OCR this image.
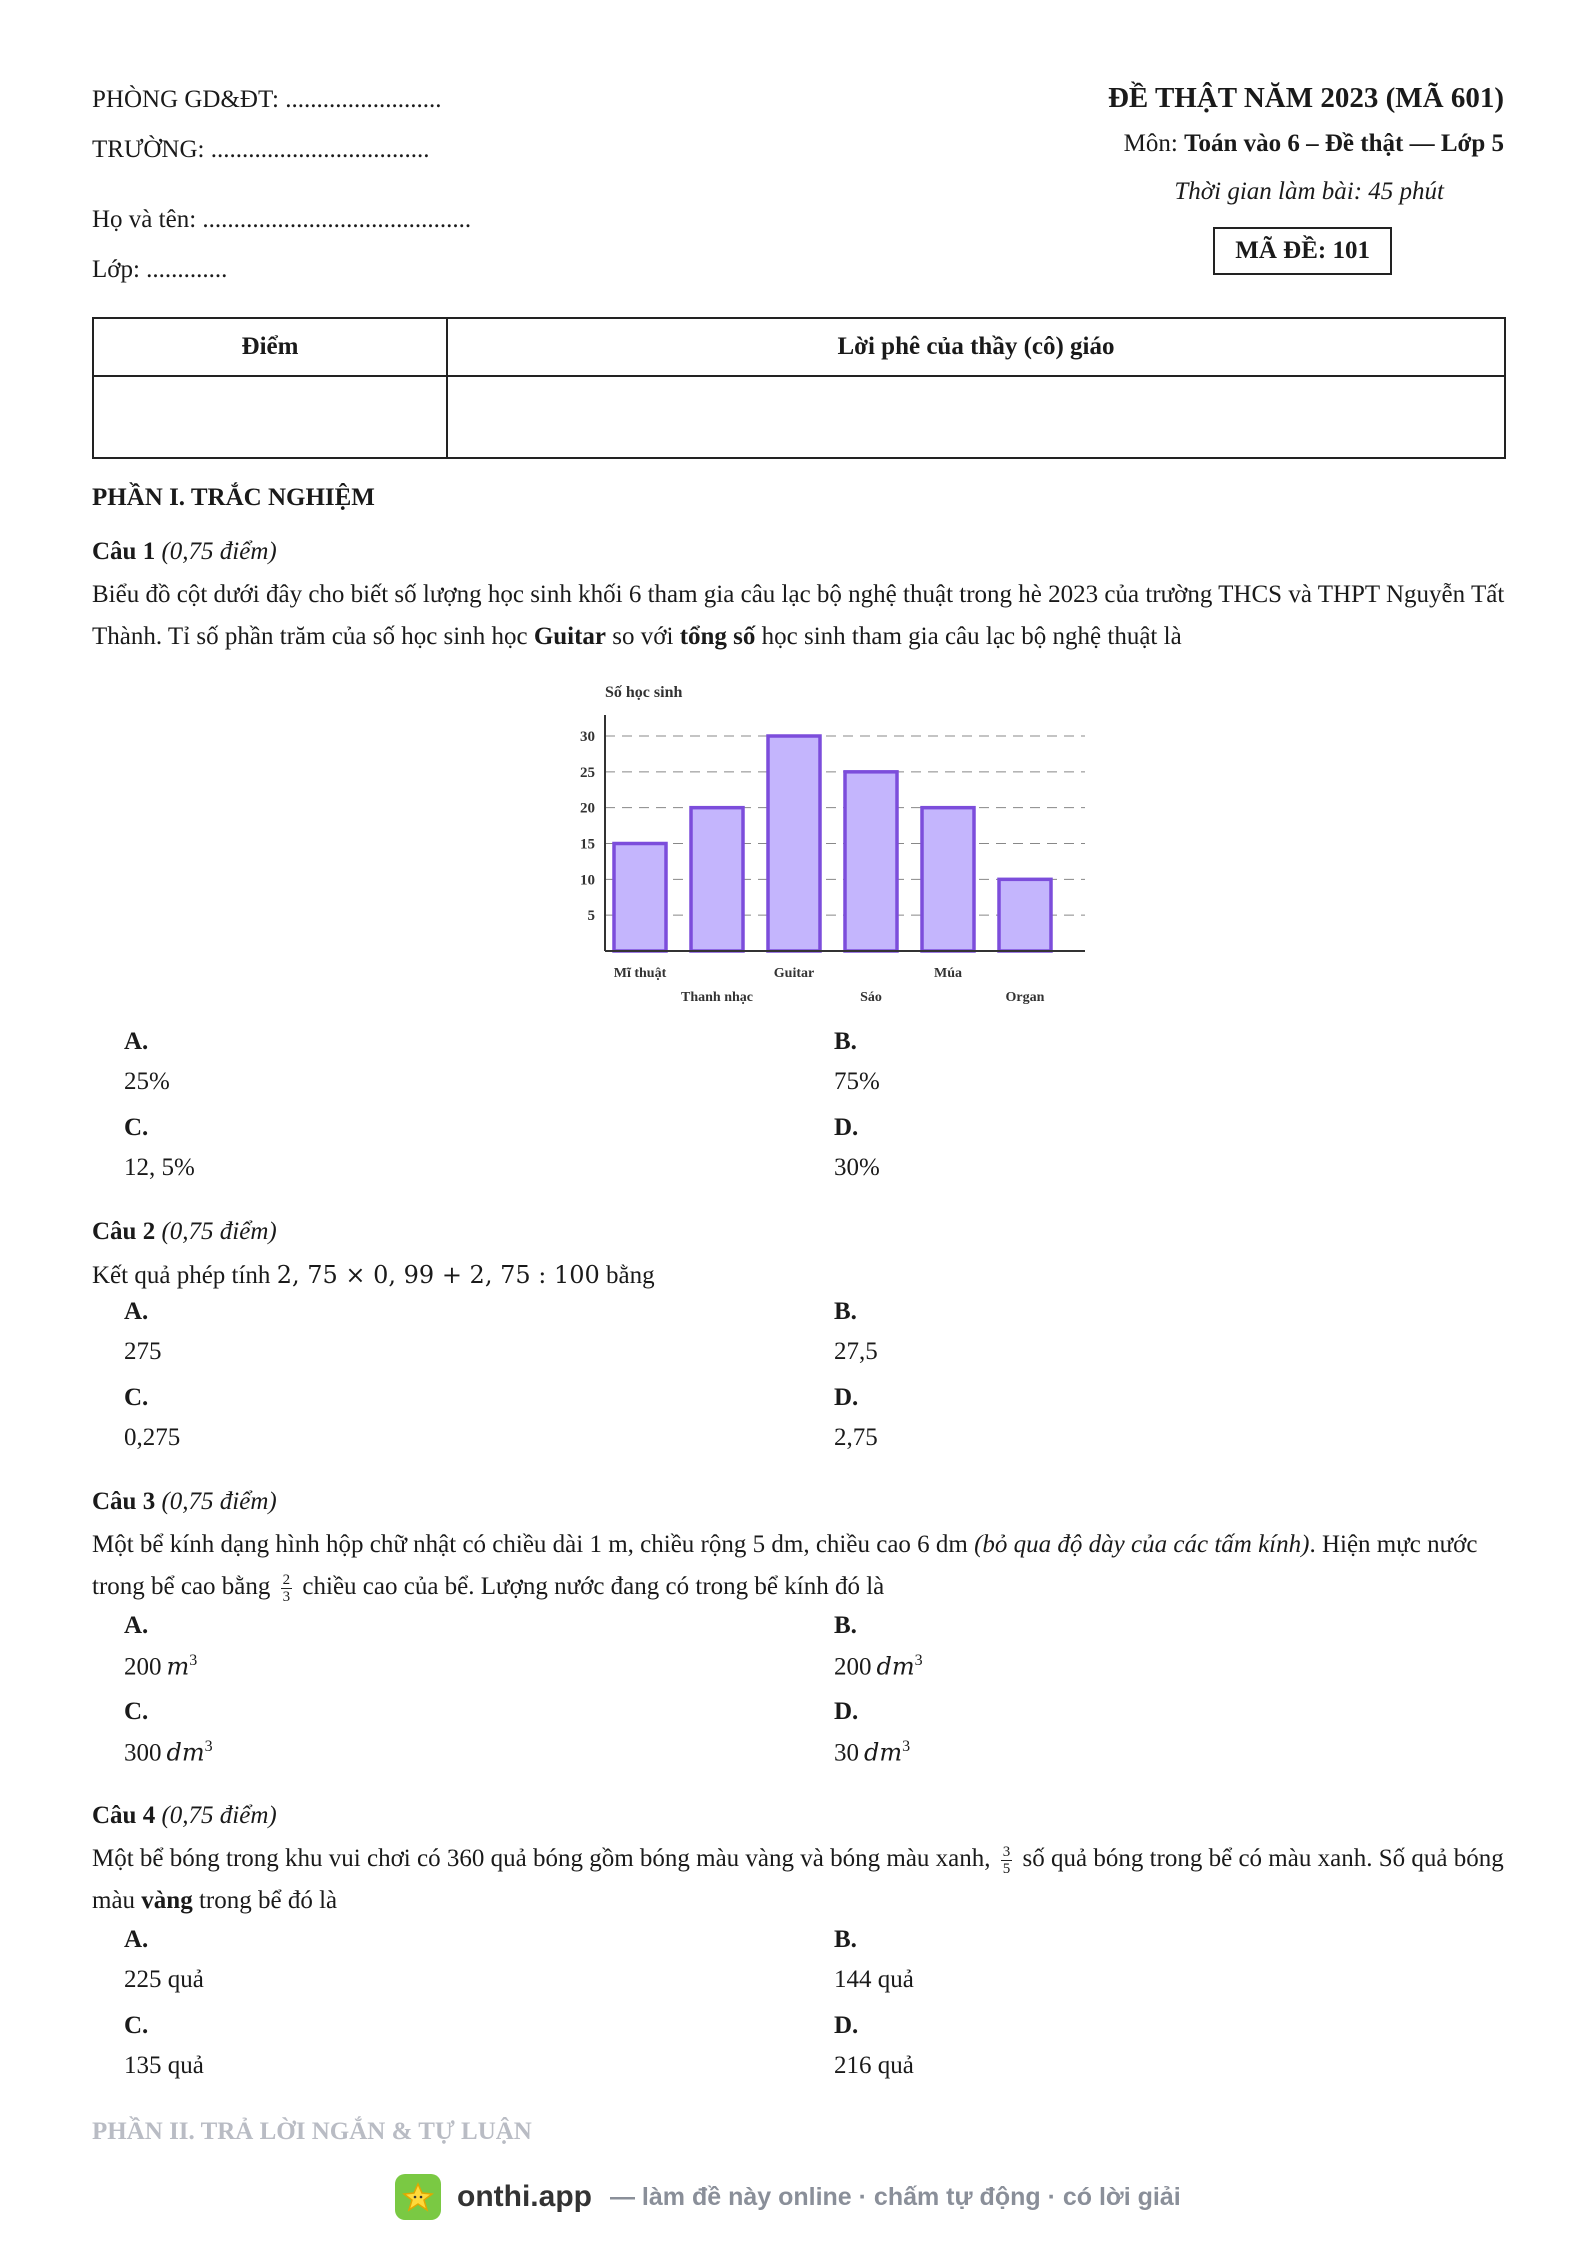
PHÒNG GD&ĐT: .........................
TRƯỜNG: ...................................
Họ và tên: ...........................................
Lớp: .............
ĐỀ THẬT NĂM 2023 (MÃ 601)
Môn: Toán vào 6 – Đề thật — Lớp 5
Thời gian làm bài: 45 phút
MÃ ĐỀ: 101
Điểm	Lời phê của thầy (cô) giáo

PHẦN I. TRẮC NGHIỆM
Câu 1 (0,75 điểm)
Biểu đồ cột dưới đây cho biết số lượng học sinh khối 6 tham gia câu lạc bộ nghệ thuật trong hè 2023 của trường THCS và THPT Nguyễn Tất Thành. Tỉ số phần trăm của số học sinh học Guitar so với tổng số học sinh tham gia câu lạc bộ nghệ thuật là
Số học sinh
5
10
15
20
25
30
Mĩ thuật
Thanh nhạc
Guitar
Sáo
Múa
Organ
A.
25%
B.
75%
C.
12, 5%
D.
30%
Câu 2 (0,75 điểm)
Kết quả phép tính 2, 75 × 0, 99 + 2, 75 : 100 bằng
A.
275
B.
27,5
C.
0,275
D.
2,75
Câu 3 (0,75 điểm)
Một bể kính dạng hình hộp chữ nhật có chiều dài 1 m, chiều rộng 5 dm, chiều cao 6 dm (bỏ qua độ dày của các tấm kính). Hiện mực nước trong bể cao bằng $\frac{2}{3}$ chiều cao của bể. Lượng nước đang có trong bể kính đó là
A.
200  $m^3$
B.
200  $dm^3$
C.
300  $dm^3$
D.
30  $dm^3$
Câu 4 (0,75 điểm)
Một bể bóng trong khu vui chơi có 360 quả bóng gồm bóng màu vàng và bóng màu xanh, $\frac{3}{5}$ số quả bóng trong bể có màu xanh. Số quả bóng màu vàng trong bể đó là
A.
225 quả
B.
144 quả
C.
135 quả
D.
216 quả
PHẦN II. TRẢ LỜI NGẮN & TỰ LUẬN
onthi.app — làm đề này online · chấm tự động · có lời giải
